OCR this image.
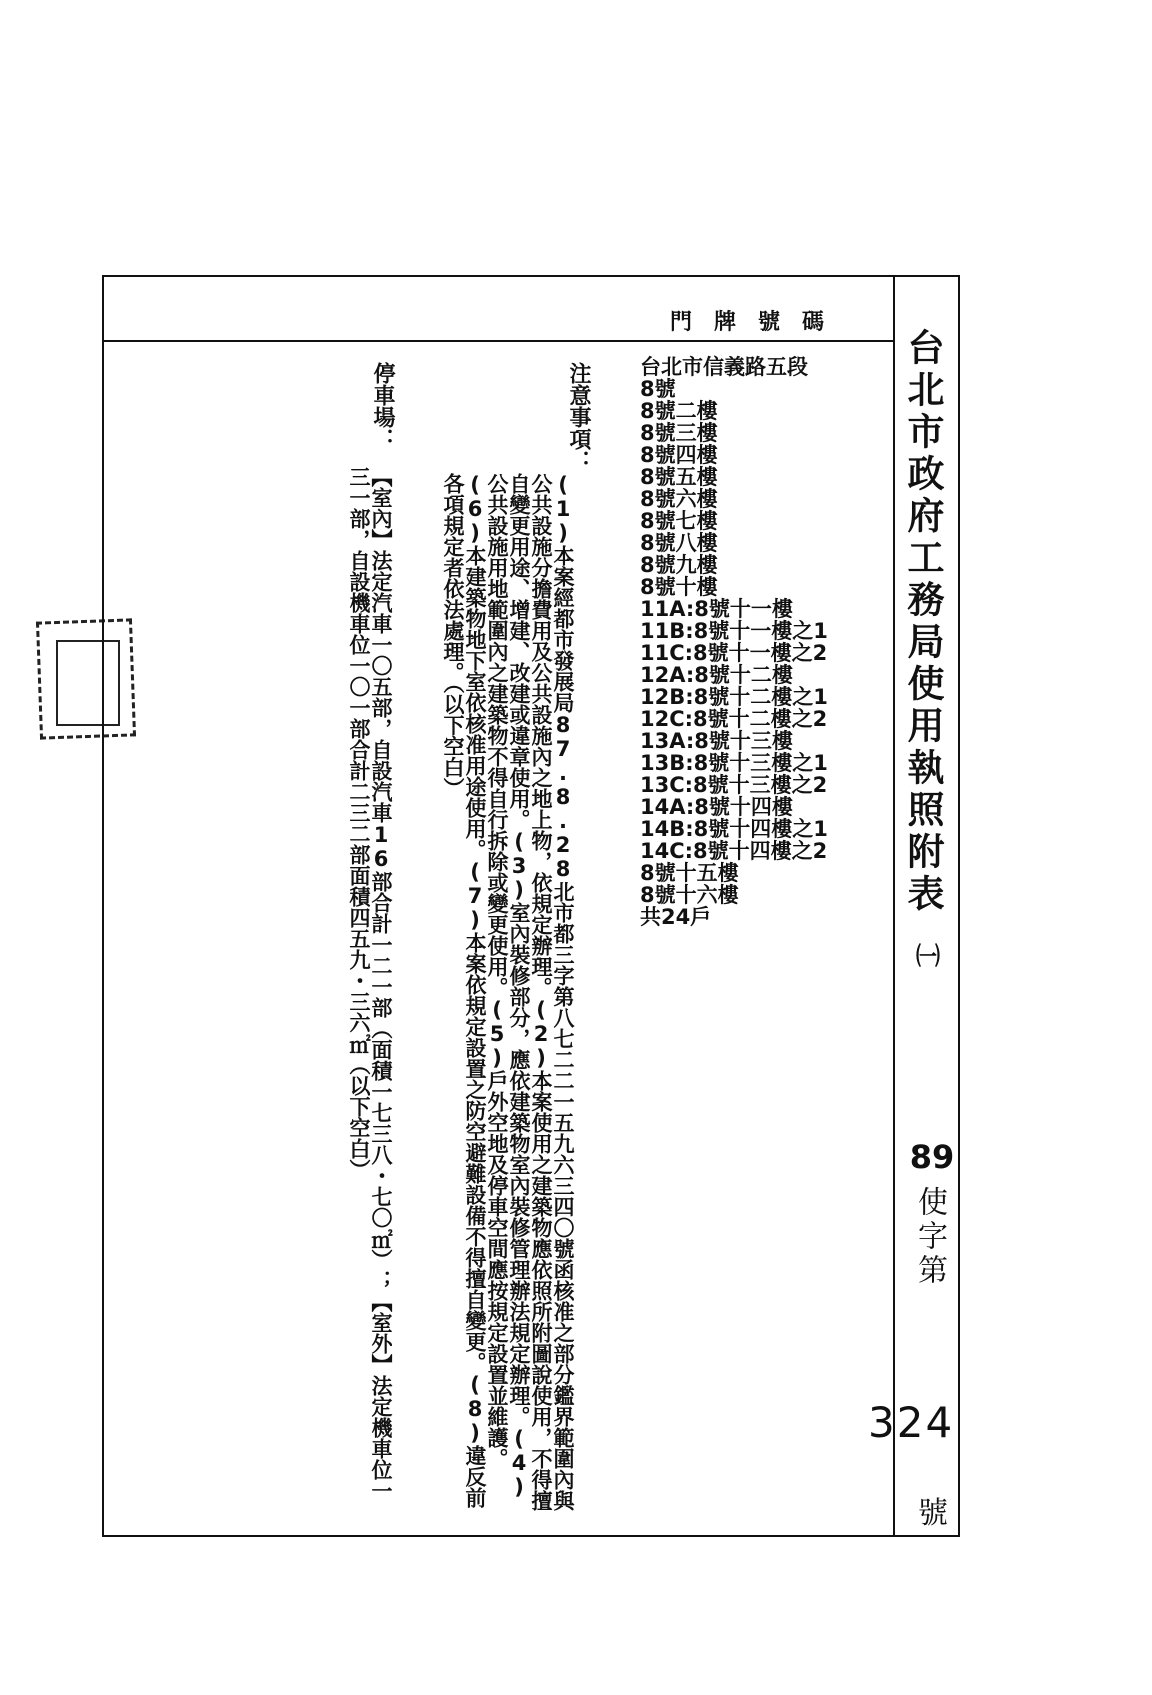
台北市政府工務局使用執照附表
㈠
89
使字第
324
號
門牌號碼
台北市信義路五段
8號
8號二樓
8號三樓
8號四樓
8號五樓
8號六樓
8號七樓
8號八樓
8號九樓
8號十樓
11A:8號十一樓
11B:8號十一樓之1
11C:8號十一樓之2
12A:8號十二樓
12B:8號十二樓之1
12C:8號十二樓之2
13A:8號十三樓
13B:8號十三樓之1
13C:8號十三樓之2
14A:8號十四樓
14B:8號十四樓之1
14C:8號十四樓之2
8號十五樓
8號十六樓
共24戶
注意事項：
(1)本案經都市發展局87.8.28北市都三字第八七二二一五九六三四〇號函核准之部分鑑界範圍內與公共設施分擔費用及公共設施內之地上物，依規定辦理。(2)本案使用之建築物應依照所附圖說使用，不得擅自變更用途、增建、改建或違章使用。(3)室內裝修部分，應依建築物室內裝修管理辦法規定辦理。(4)公共設施用地範圍內之建築物不得自行拆除或變更使用。(5)戶外空地及停車空間應按規定設置並維護。(6)本建築物地下室依核准用途使用。(7)本案依規定設置之防空避難設備不得擅自變更。(8)違反前各項規定者依法處理。（以下空白）
停車場：
【室內】法定汽車一〇五部，自設汽車16部合計一二一部（面積一七三八・七〇㎡）；【室外】法定機車位一三一部，自設機車位一〇一部合計二三二部面積四五九・三六㎡（以下空白）
